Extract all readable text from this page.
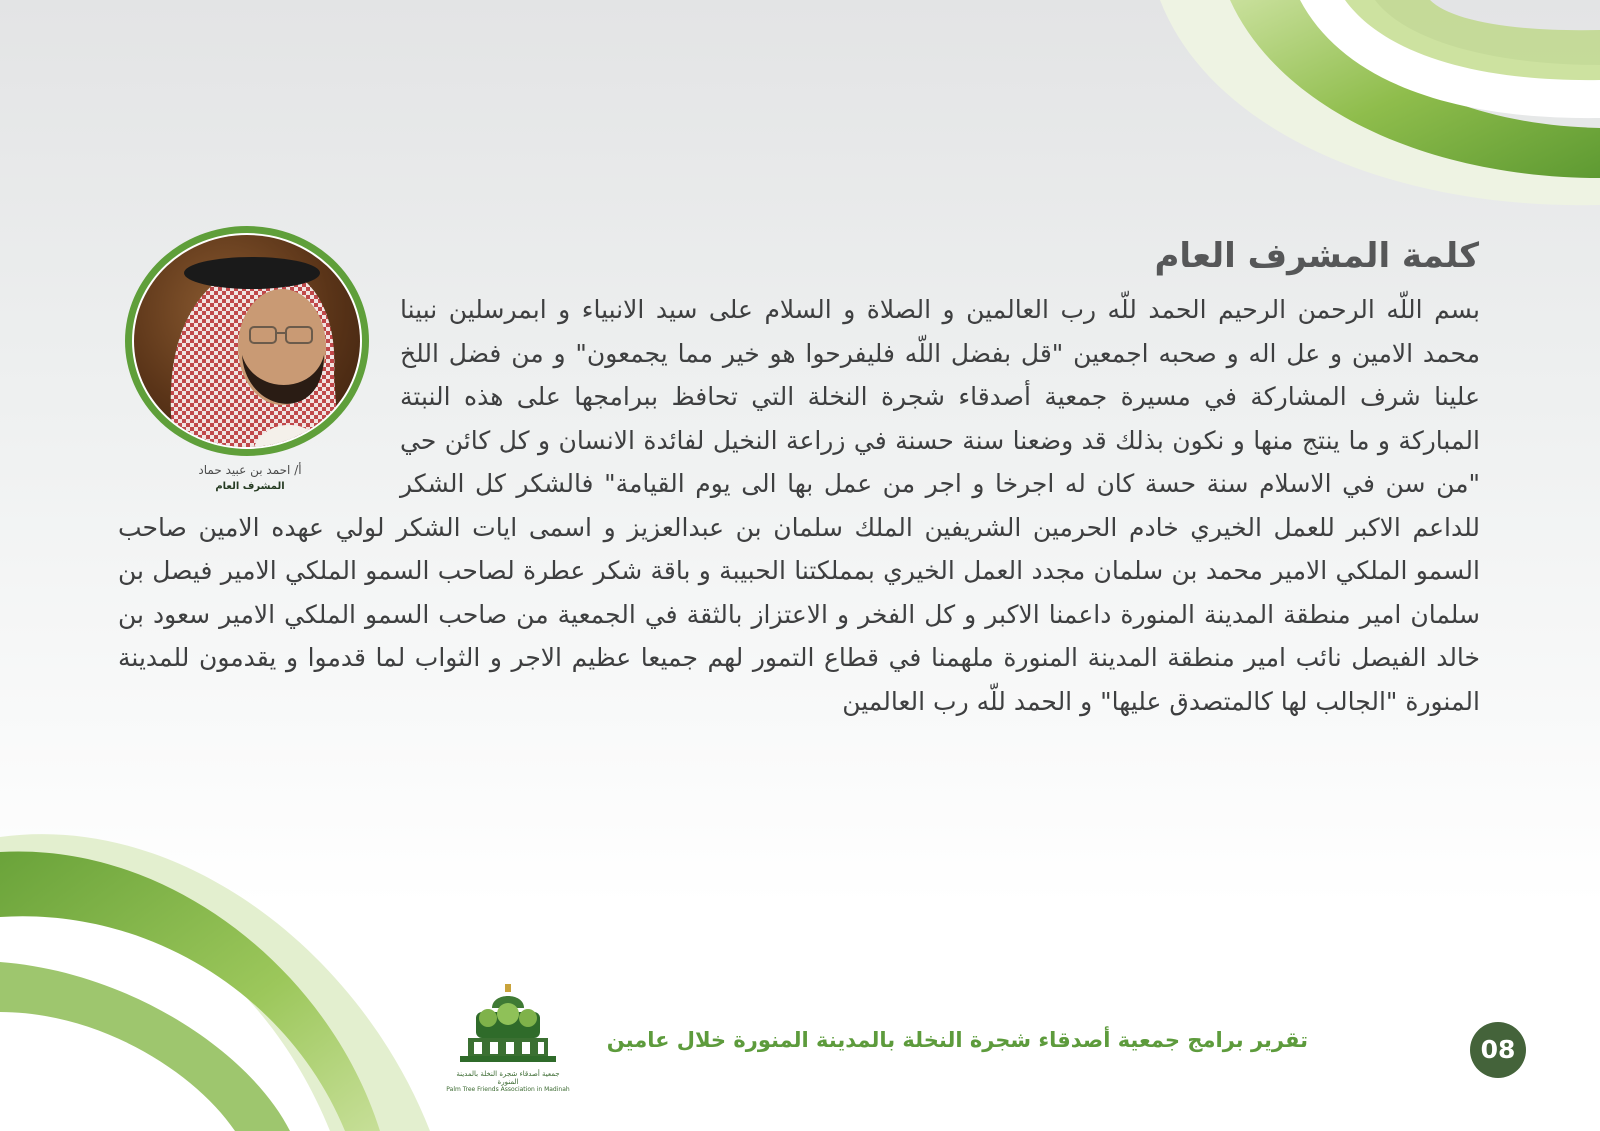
أ/ احمد بن عبيد حماد
المشرف العام
كلمة المشرف العام

بسم اللّه الرحمن الرحيم الحمد للّه رب العالمين و الصلاة و السلام على سيد الانبياء و ابمرسلين نبينا محمد الامين و عل اله و صحبه اجمعين "قل بفضل اللّه فليفرحوا هو خير مما يجمعون" و من فضل اللخ علينا شرف المشاركة في مسيرة جمعية أصدقاء شجرة النخلة التي تحافظ ببرامجها على هذه النبتة المباركة و ما ينتج منها و نكون بذلك قد وضعنا سنة حسنة في زراعة النخيل لفائدة الانسان و كل كائن حي "من سن في الاسلام سنة حسة كان له اجرخا و اجر من عمل بها الى يوم القيامة" فالشكر كل الشكر للداعم الاكبر للعمل الخيري خادم الحرمين الشريفين الملك سلمان بن عبدالعزيز و اسمى ايات الشكر لولي عهده الامين صاحب السمو الملكي الامير محمد بن سلمان مجدد العمل الخيري بمملكتنا الحبيبة و باقة شكر عطرة لصاحب السمو الملكي الامير فيصل بن سلمان امير منطقة المدينة المنورة داعمنا الاكبر و كل الفخر و الاعتزاز بالثقة في الجمعية من صاحب السمو الملكي الامير سعود بن خالد الفيصل نائب امير منطقة المدينة المنورة ملهمنا في قطاع التمور لهم جميعا عظيم الاجر و الثواب لما قدموا و يقدمون للمدينة المنورة "الجالب لها كالمتصدق عليها" و الحمد للّه رب العالمين

جمعية أصدقاء شجرة النخلة بالمدينة المنورة
Palm Tree Friends Association in Madinah
تقرير برامج جمعية أصدقاء شجرة النخلة بالمدينة المنورة خلال عامين	08
